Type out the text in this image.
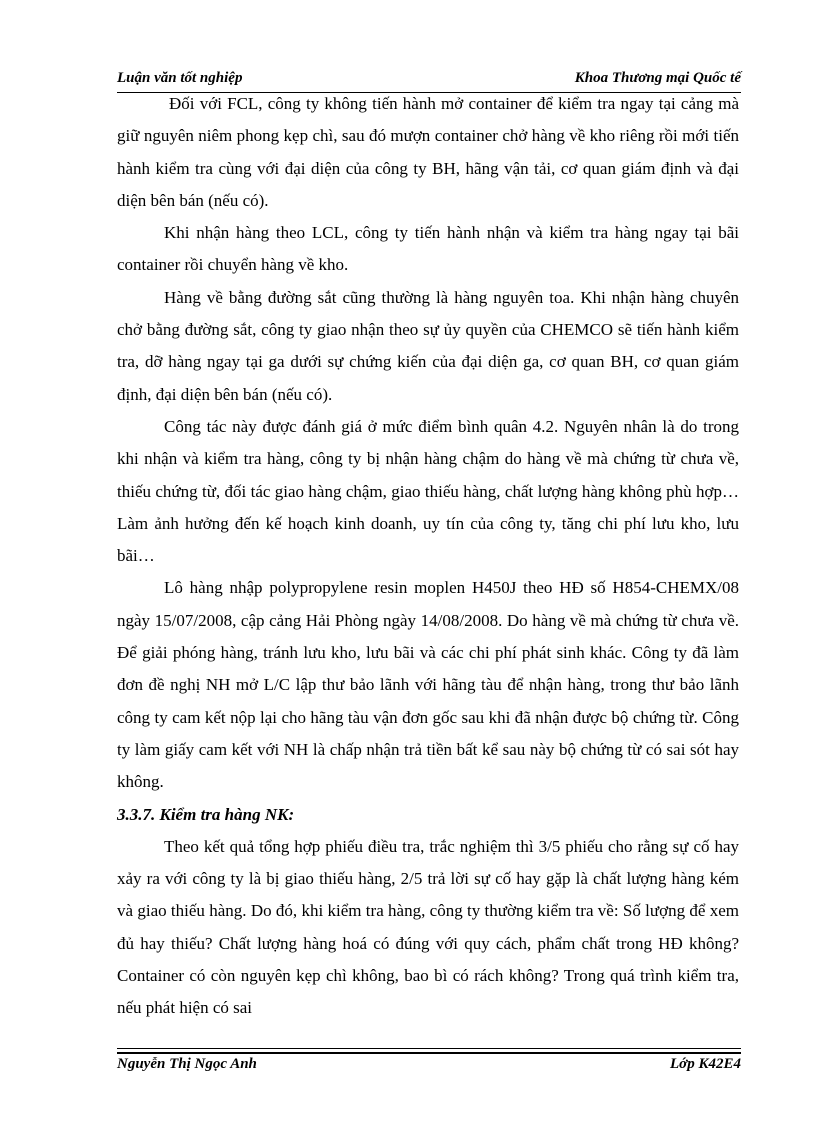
Luận văn tốt nghiệp	Khoa Thương mại Quốc tế

Đối với FCL, công ty không tiến hành mở container để kiểm tra ngay tại cảng mà giữ nguyên niêm phong kẹp chì, sau đó mượn container chở hàng về kho riêng rồi mới tiến hành kiểm tra cùng với đại diện của công ty BH, hãng vận tải, cơ quan giám định và đại diện bên bán (nếu có).

Khi nhận hàng theo LCL, công ty tiến hành nhận và kiểm tra hàng ngay tại bãi container rồi chuyển hàng về kho.

Hàng về bằng đường sắt cũng thường là hàng nguyên toa. Khi nhận hàng chuyên chở bằng đường sắt, công ty giao nhận theo sự ủy quyền của CHEMCO sẽ tiến hành kiểm tra, dỡ hàng ngay tại ga dưới sự chứng kiến của đại diện ga, cơ quan BH, cơ quan giám định, đại diện bên bán (nếu có).

Công tác này được đánh giá ở mức điểm bình quân 4.2. Nguyên nhân là do trong khi nhận và kiểm tra hàng, công ty bị nhận hàng chậm do hàng về mà chứng từ chưa về, thiếu chứng từ, đối tác giao hàng chậm, giao thiếu hàng, chất lượng hàng không phù hợp… Làm ảnh hưởng đến kế hoạch kinh doanh, uy tín của công ty, tăng chi phí lưu kho, lưu bãi…

Lô hàng nhập polypropylene resin moplen H450J theo HĐ số H854-CHEMX/08 ngày 15/07/2008, cập cảng Hải Phòng ngày 14/08/2008. Do hàng về mà chứng từ chưa về. Để giải phóng hàng, tránh lưu kho, lưu bãi và các chi phí phát sinh khác. Công ty đã làm đơn đề nghị NH mở L/C lập thư bảo lãnh với hãng tàu để nhận hàng, trong thư bảo lãnh công ty cam kết nộp lại cho hãng tàu vận đơn gốc sau khi đã nhận được bộ chứng từ. Công ty làm giấy cam kết với NH là chấp nhận trả tiền bất kể sau này bộ chứng từ có sai sót hay không.

3.3.7. Kiểm tra hàng NK:

Theo kết quả tổng hợp phiếu điều tra, trắc nghiệm thì 3/5 phiếu cho rằng sự cố hay xảy ra với công ty là bị giao thiếu hàng, 2/5 trả lời sự cố hay gặp là chất lượng hàng kém và giao thiếu hàng. Do đó, khi kiểm tra hàng, công ty thường kiểm tra về: Số lượng để xem đủ hay thiếu? Chất lượng hàng hoá có đúng với quy cách, phẩm chất trong HĐ không? Container có còn nguyên kẹp chì không, bao bì có rách không? Trong quá trình kiểm tra, nếu phát hiện có sai

Nguyễn Thị Ngọc Anh	Lớp K42E4
